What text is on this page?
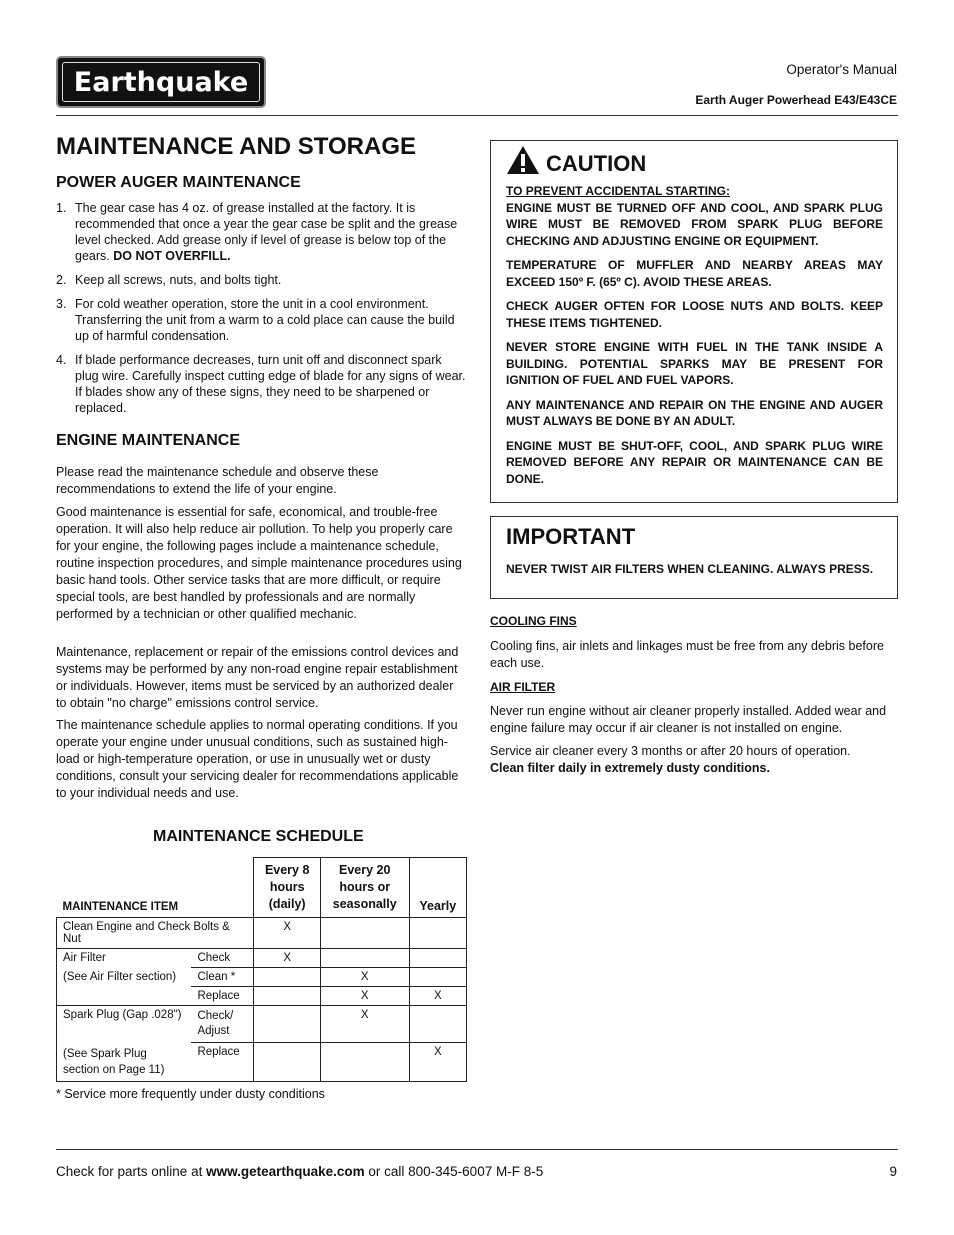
Earthquake	Operator's Manual
Earth Auger Powerhead E43/E43CE
MAINTENANCE AND STORAGE
POWER AUGER MAINTENANCE
1. The gear case has 4 oz. of grease installed at the factory. It is recommended that once a year the gear case be split and the grease level checked. Add grease only if level of grease is below top of the gears. DO NOT OVERFILL.
2. Keep all screws, nuts, and bolts tight.
3. For cold weather operation, store the unit in a cool environment. Transferring the unit from a warm to a cold place can cause the build up of harmful condensation.
4. If blade performance decreases, turn unit off and disconnect spark plug wire. Carefully inspect cutting edge of blade for any signs of wear. If blades show any of these signs, they need to be sharpened or replaced.
ENGINE MAINTENANCE

Please read the maintenance schedule and observe these recommendations to extend the life of your engine.

Good maintenance is essential for safe, economical, and trouble-free operation. It will also help reduce air pollution. To help you properly care for your engine, the following pages include a maintenance schedule, routine inspection procedures, and simple maintenance procedures using basic hand tools. Other service tasks that are more difficult, or require special tools, are best handled by professionals and are normally performed by a technician or other qualified mechanic.

Maintenance, replacement or repair of the emissions control devices and systems may be performed by any non-road engine repair establishment or individuals. However, items must be serviced by an authorized dealer to obtain "no charge" emissions control service.

The maintenance schedule applies to normal operating conditions. If you operate your engine under unusual conditions, such as sustained high-load or high-temperature operation, or use in unusually wet or dusty conditions, consult your servicing dealer for recommendations applicable to your individual needs and use.

MAINTENANCE SCHEDULE
MAINTENANCE ITEM		Every 8 hours (daily)	Every 20 hours or seasonally	Yearly
Clean Engine and Check Bolts & Nut		X		
Air Filter	Check	X		
(See Air Filter section)	Clean *		X	
	Replace		X	X
Spark Plug (Gap .028")	Check/ Adjust		X	
(See Spark Plug section on Page 11)	Replace			X

* Service more frequently under dusty conditions

CAUTION

TO PREVENT ACCIDENTAL STARTING:

ENGINE MUST BE TURNED OFF AND COOL, AND SPARK PLUG WIRE MUST BE REMOVED FROM SPARK PLUG BEFORE CHECKING AND ADJUSTING ENGINE OR EQUIPMENT.

TEMPERATURE OF MUFFLER AND NEARBY AREAS MAY EXCEED 150º F. (65º C). AVOID THESE AREAS.

CHECK AUGER OFTEN FOR LOOSE NUTS AND BOLTS. KEEP THESE ITEMS TIGHTENED.

NEVER STORE ENGINE WITH FUEL IN THE TANK INSIDE A BUILDING. POTENTIAL SPARKS MAY BE PRESENT FOR IGNITION OF FUEL AND FUEL VAPORS.

ANY MAINTENANCE AND REPAIR ON THE ENGINE AND AUGER MUST ALWAYS BE DONE BY AN ADULT.

ENGINE MUST BE SHUT-OFF, COOL, AND SPARK PLUG WIRE REMOVED BEFORE ANY REPAIR OR MAINTENANCE CAN BE DONE.

IMPORTANT

NEVER TWIST AIR FILTERS WHEN CLEANING. ALWAYS PRESS.

COOLING FINS

Cooling fins, air inlets and linkages must be free from any debris before each use.

AIR FILTER

Never run engine without air cleaner properly installed. Added wear and engine failure may occur if air cleaner is not installed on engine.

Service air cleaner every 3 months or after 20 hours of operation.
Clean filter daily in extremely dusty conditions.

Check for parts online at www.getearthquake.com or call 800-345-6007 M-F 8-5	9
